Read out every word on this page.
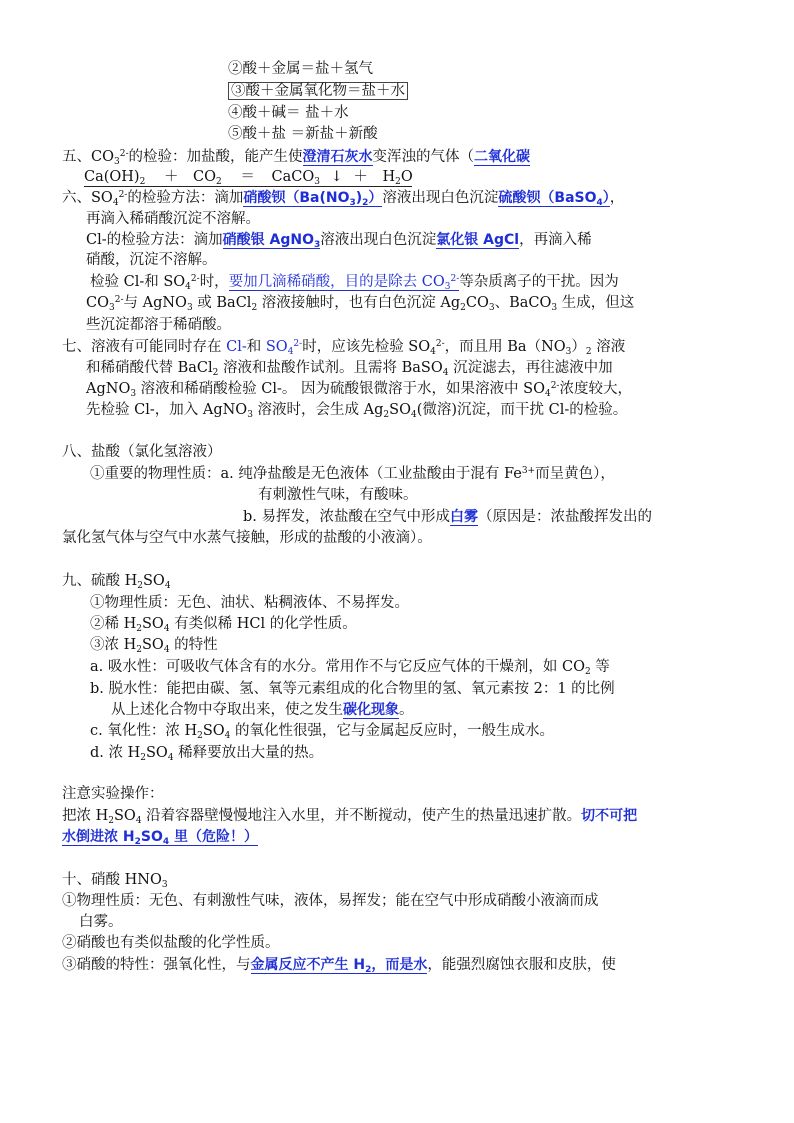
②酸＋金属＝盐＋氢气
③酸＋金属氧化物＝盐＋水
④酸＋碱＝ 盐＋水
⑤酸＋盐 ＝新盐＋新酸
五、$CO_3^{2-}$的检验：加盐酸，能产生使澄清石灰水变浑浊的气体（二氧化碳
$Ca(OH)_2 + CO_2$ ＝ CaCO$_3$ ↓ ＋ $H_2O$
六、$SO_4^{2-}$的检验方法：滴加硝酸钡$(Ba(NO_3)_2)$溶液出现白色沉淀硫酸钡（BaSO$_4$），
再滴入稀硝酸沉淀不溶解。
Cl-的检验方法：滴加硝酸银 AgNO$_3$溶液出现白色沉淀氯化银 AgCl，再滴入稀
硝酸，沉淀不溶解。
检验 Cl-和 $SO_4^{2-}$时，要加几滴稀硝酸，目的是除去 $CO_3^{2-}$等杂质离子的干扰。因为
$CO_3^{2-}$与 AgNO$_3$ 或 BaCl$_2$ 溶液接触时，也有白色沉淀 $Ag_2CO_3$、BaCO$_3$ 生成，但这
些沉淀都溶于稀硝酸。
七、溶液有可能同时存在 Cl-和 $SO_4^{2-}$时，应该先检验 $SO_4^{2-}$，而且用 $Ba(NO_3)_2$ 溶液
和稀硝酸代替 BaCl$_2$ 溶液和盐酸作试剂。且需将 BaSO$_4$ 沉淀滤去，再往滤液中加
AgNO$_3$ 溶液和稀硝酸检验 Cl-。 因为硫酸银微溶于水，如果溶液中 $SO_4^{2-}$浓度较大，
先检验 Cl-，加入 AgNO$_3$ 溶液时，会生成 $Ag_2SO_4$(微溶)沉淀，而干扰 Cl-的检验。
八、盐酸（氯化氢溶液）
①重要的物理性质：a. 纯净盐酸是无色液体（工业盐酸由于混有 $Fe^{3+}$而呈黄色），
有刺激性气味，有酸味。
b. 易挥发，浓盐酸在空气中形成白雾（原因是：浓盐酸挥发出的
氯化氢气体与空气中水蒸气接触，形成的盐酸的小液滴）。
九、硫酸 $H_2SO_4$
①物理性质：无色、油状、粘稠液体、不易挥发。
②稀 $H_2SO_4$ 有类似稀 HCl 的化学性质。
③浓 $H_2SO_4$ 的特性
a. 吸水性：可吸收气体含有的水分。常用作不与它反应气体的干燥剂，如 $CO_2$ 等
b. 脱水性：能把由碳、氢、氧等元素组成的化合物里的氢、氧元素按 2：1 的比例
从上述化合物中夺取出来，使之发生碳化现象。
c. 氧化性：浓 $H_2SO_4$ 的氧化性很强，它与金属起反应时，一般生成水。
d. 浓 $H_2SO_4$ 稀释要放出大量的热。
注意实验操作：
把浓 $H_2SO_4$ 沿着容器壁慢慢地注入水里，并不断搅动，使产生的热量迅速扩散。切不可把
水倒进浓 $H_2SO_4$ 里（危险！）
十、硝酸 $HNO_3$
①物理性质：无色、有刺激性气味，液体，易挥发；能在空气中形成硝酸小液滴而成
白雾。
②硝酸也有类似盐酸的化学性质。
③硝酸的特性：强氧化性，与金属反应不产生 $H_2$，而是水，能强烈腐蚀衣服和皮肤，使
